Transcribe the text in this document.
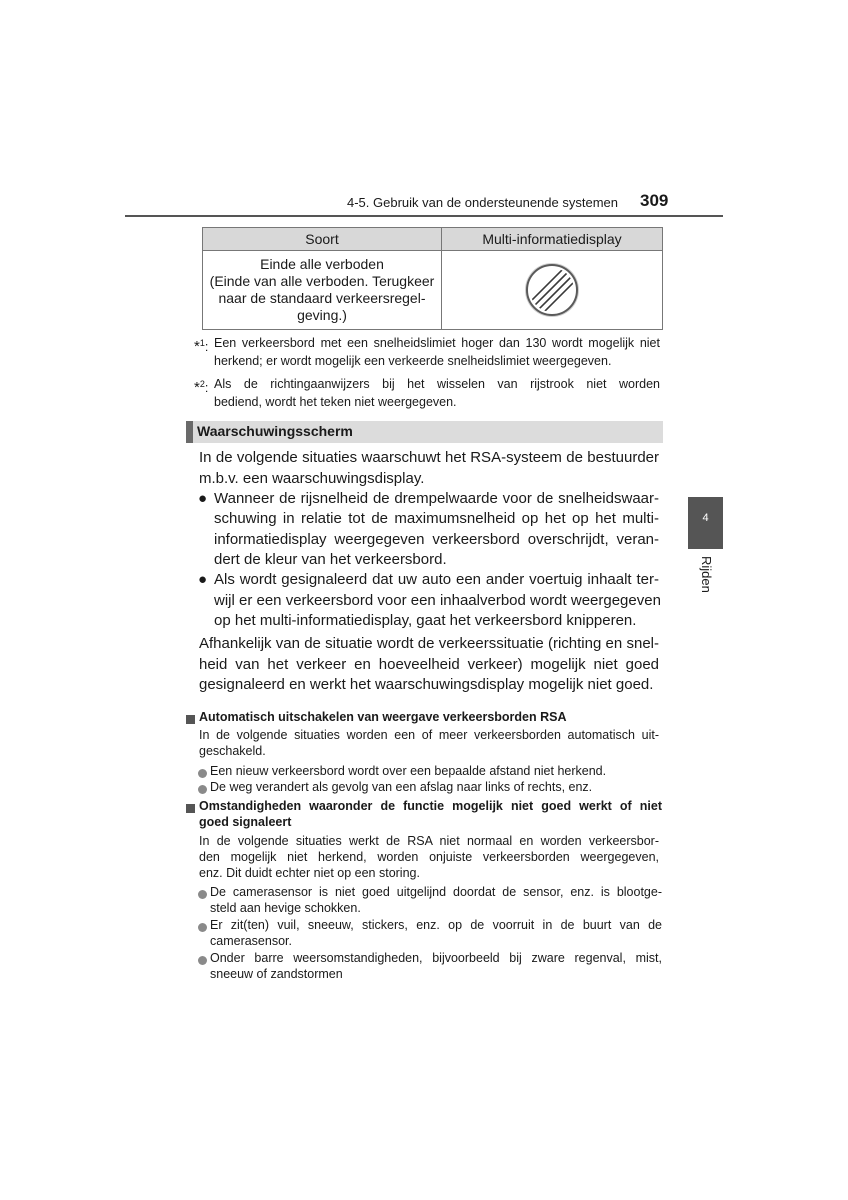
4-5. Gebruik van de ondersteunende systemen 309
Soort	Multi-informatiedisplay

Einde alle verboden
(Einde van alle verboden. Terugkeer
naar de standaard verkeersregel-
geving.)

*$^1$: Een verkeersbord met een snelheidslimiet hoger dan 130 wordt mogelijk niet
herkend; er wordt mogelijk een verkeerde snelheidslimiet weergegeven.
*$^2$: Als de richtingaanwijzers bij het wisselen van rijstrook niet worden
bediend, wordt het teken niet weergegeven.
Waarschuwingsscherm
In de volgende situaties waarschuwt het RSA-systeem de bestuurder
m.b.v. een waarschuwingsdisplay.
● Wanneer de rijsnelheid de drempelwaarde voor de snelheidswaar-
schuwing in relatie tot de maximumsnelheid op het op het multi-
informatiedisplay weergegeven verkeersbord overschrijdt, veran-
dert de kleur van het verkeersbord.
● Als wordt gesignaleerd dat uw auto een ander voertuig inhaalt ter-
wijl er een verkeersbord voor een inhaalverbod wordt weergegeven
op het multi-informatiedisplay, gaat het verkeersbord knipperen.
Afhankelijk van de situatie wordt de verkeerssituatie (richting en snel-
heid van het verkeer en hoeveelheid verkeer) mogelijk niet goed
gesignaleerd en werkt het waarschuwingsdisplay mogelijk niet goed.
4
Rijden
Automatisch uitschakelen van weergave verkeersborden RSA
In de volgende situaties worden een of meer verkeersborden automatisch uit-
geschakeld.
Een nieuw verkeersbord wordt over een bepaalde afstand niet herkend.
De weg verandert als gevolg van een afslag naar links of rechts, enz.
Omstandigheden waaronder de functie mogelijk niet goed werkt of niet
goed signaleert
In de volgende situaties werkt de RSA niet normaal en worden verkeersbor-
den mogelijk niet herkend, worden onjuiste verkeersborden weergegeven,
enz. Dit duidt echter niet op een storing.
De camerasensor is niet goed uitgelijnd doordat de sensor, enz. is blootge-
steld aan hevige schokken.
Er zit(ten) vuil, sneeuw, stickers, enz. op de voorruit in de buurt van de
camerasensor.
Onder barre weersomstandigheden, bijvoorbeeld bij zware regenval, mist,
sneeuw of zandstormen
